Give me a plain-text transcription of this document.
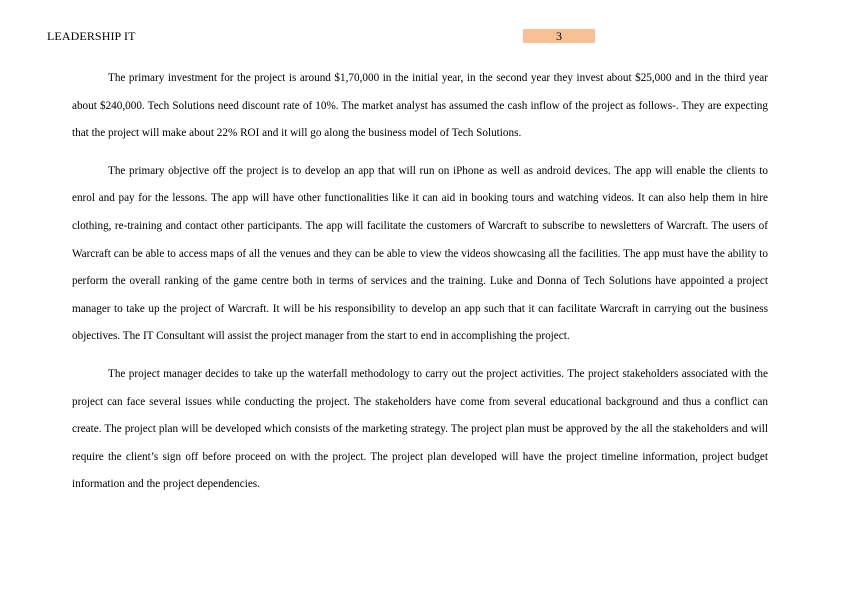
LEADERSHIP IT	3

The primary investment for the project is around $1,70,000 in the initial year, in the second year they invest about $25,000 and in the third year about $240,000. Tech Solutions need discount rate of 10%. The market analyst has assumed the cash inflow of the project as follows-. They are expecting that the project will make about 22% ROI and it will go along the business model of Tech Solutions.

The primary objective off the project is to develop an app that will run on iPhone as well as android devices. The app will enable the clients to enrol and pay for the lessons. The app will have other functionalities like it can aid in booking tours and watching videos. It can also help them in hire clothing, re-training and contact other participants. The app will facilitate the customers of Warcraft to subscribe to newsletters of Warcraft. The users of Warcraft can be able to access maps of all the venues and they can be able to view the videos showcasing all the facilities. The app must have the ability to perform the overall ranking of the game centre both in terms of services and the training. Luke and Donna of Tech Solutions have appointed a project manager to take up the project of Warcraft. It will be his responsibility to develop an app such that it can facilitate Warcraft in carrying out the business objectives. The IT Consultant will assist the project manager from the start to end in accomplishing the project.

The project manager decides to take up the waterfall methodology to carry out the project activities. The project stakeholders associated with the project can face several issues while conducting the project. The stakeholders have come from several educational background and thus a conflict can create. The project plan will be developed which consists of the marketing strategy. The project plan must be approved by the all the stakeholders and will require the client’s sign off before proceed on with the project. The project plan developed will have the project timeline information, project budget information and the project dependencies.
